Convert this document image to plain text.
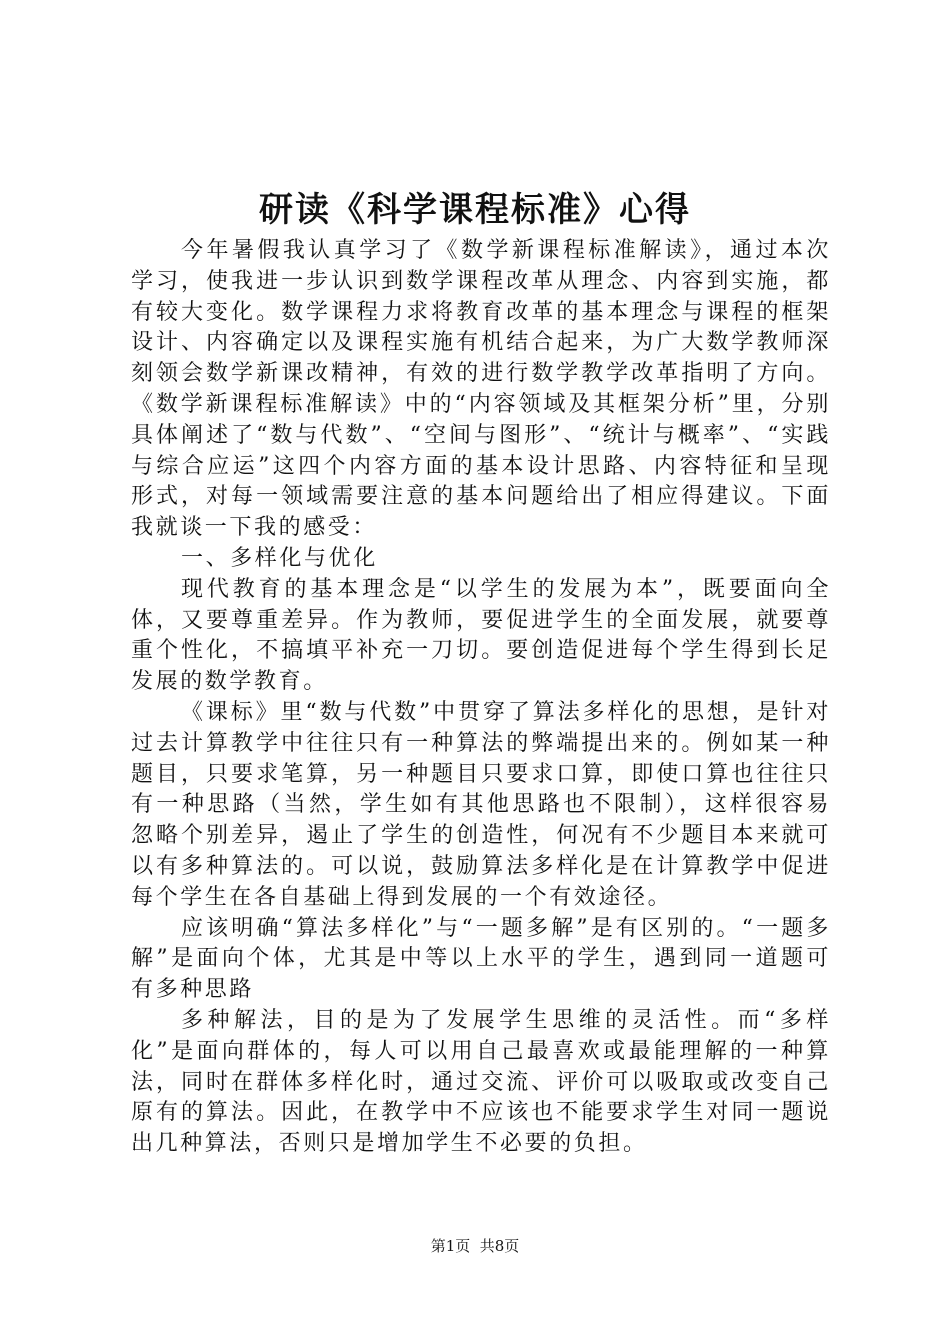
研读《科学课程标准》心得

今年暑假我认真学习了《数学新课程标准解读》，通过本次学习，使我进一步认识到数学课程改革从理念、内容到实施，都有较大变化。数学课程力求将教育改革的基本理念与课程的框架设计、内容确定以及课程实施有机结合起来，为广大数学教师深刻领会数学新课改精神，有效的进行数学教学改革指明了方向。《数学新课程标准解读》中的“内容领域及其框架分析”里，分别具体阐述了“数与代数”、“空间与图形”、“统计与概率”、“实践与综合应运”这四个内容方面的基本设计思路、内容特征和呈现形式，对每一领域需要注意的基本问题给出了相应得建议。下面我就谈一下我的感受：

一、多样化与优化

现代教育的基本理念是“以学生的发展为本”，既要面向全体，又要尊重差异。作为教师，要促进学生的全面发展，就要尊重个性化，不搞填平补充一刀切。要创造促进每个学生得到长足发展的数学教育。

《课标》里“数与代数”中贯穿了算法多样化的思想，是针对过去计算教学中往往只有一种算法的弊端提出来的。例如某一种题目，只要求笔算，另一种题目只要求口算，即使口算也往往只有一种思路（当然，学生如有其他思路也不限制），这样很容易忽略个别差异，遏止了学生的创造性，何况有不少题目本来就可以有多种算法的。可以说，鼓励算法多样化是在计算教学中促进每个学生在各自基础上得到发展的一个有效途径。

应该明确“算法多样化”与“一题多解”是有区别的。“一题多解”是面向个体，尤其是中等以上水平的学生，遇到同一道题可有多种思路

多种解法，目的是为了发展学生思维的灵活性。而“多样化”是面向群体的，每人可以用自己最喜欢或最能理解的一种算法，同时在群体多样化时，通过交流、评价可以吸取或改变自己原有的算法。因此，在教学中不应该也不能要求学生对同一题说出几种算法，否则只是增加学生不必要的负担。

第1页  共8页
